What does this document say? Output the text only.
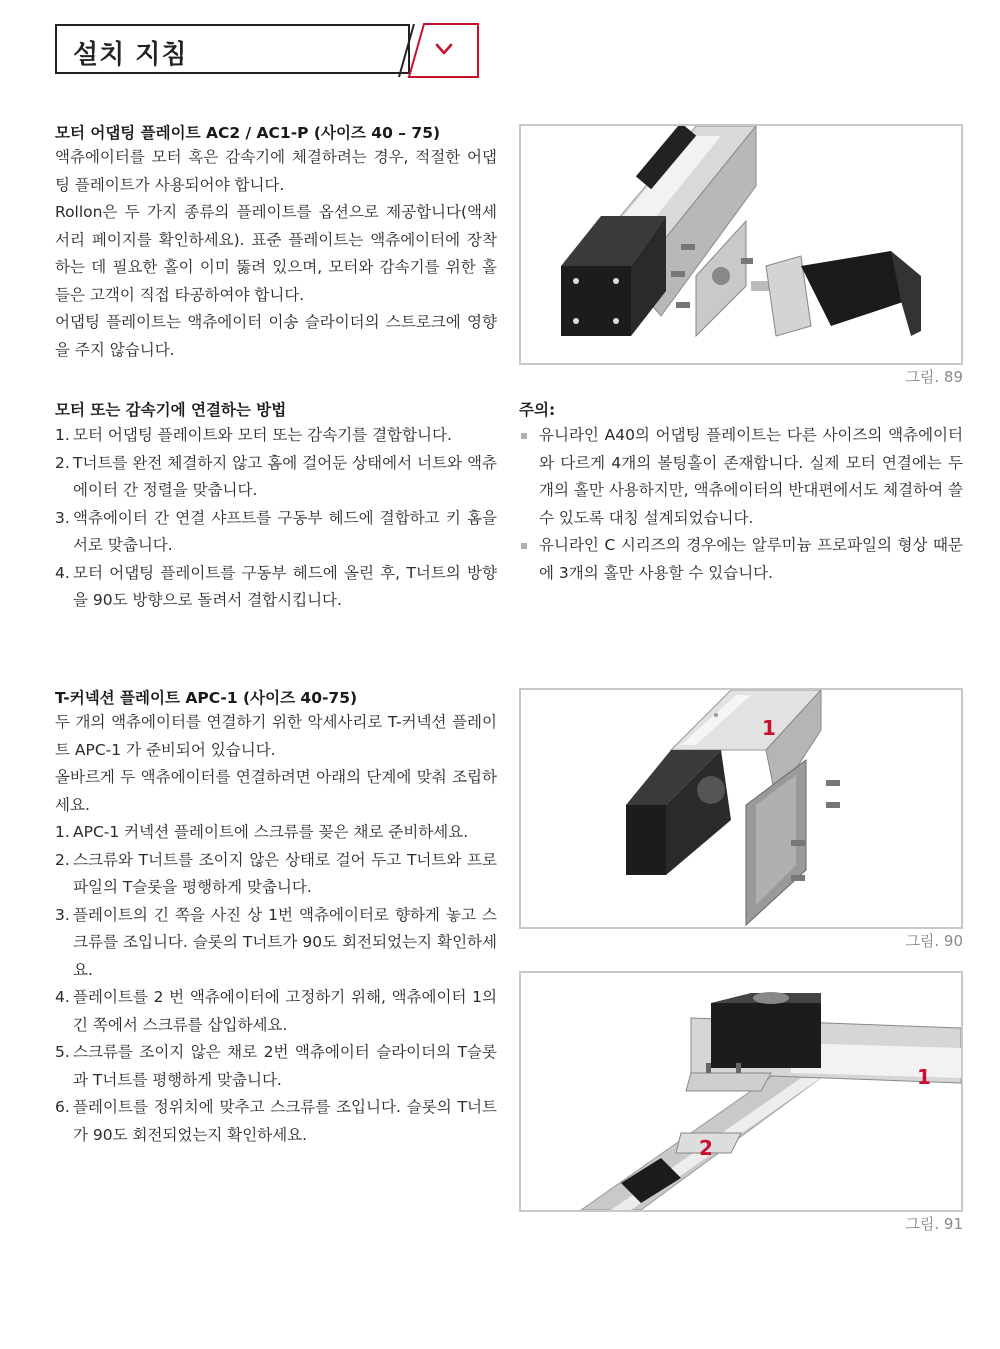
설치 지침
모터 어댑팅 플레이트 AC2 / AC1-P (사이즈 40 – 75)

액츄에이터를 모터 혹은 감속기에 체결하려는 경우, 적절한 어댑팅 플레이트가 사용되어야 합니다.

Rollon은 두 가지 종류의 플레이트를 옵션으로 제공합니다(액세서리 페이지를 확인하세요). 표준 플레이트는 액츄에이터에 장착하는 데 필요한 홀이 이미 뚫려 있으며, 모터와 감속기를 위한 홀들은 고객이 직접 타공하여야 합니다.

어댑팅 플레이트는 액츄에이터 이송 슬라이더의 스트로크에 영향을 주지 않습니다.

그림. 89
모터 또는 감속기에 연결하는 방법
1. 모터 어댑팅 플레이트와 모터 또는 감속기를 결합합니다.
2. T너트를 완전 체결하지 않고 홈에 걸어둔 상태에서 너트와 액츄에이터 간 정렬을 맞춥니다.
3. 액츄에이터 간 연결 샤프트를 구동부 헤드에 결합하고 키 홈을 서로 맞춥니다.
4. 모터 어댑팅 플레이트를 구동부 헤드에 올린 후, T너트의 방향을 90도 방향으로 돌려서 결합시킵니다.
주의:
유니라인 A40의 어댑팅 플레이트는 다른 사이즈의 액츄에이터와 다르게 4개의 볼팅홀이 존재합니다. 실제 모터 연결에는 두 개의 홀만 사용하지만, 액츄에이터의 반대편에서도 체결하여 쓸 수 있도록 대칭 설계되었습니다.
유니라인 C 시리즈의 경우에는 알루미늄 프로파일의 형상 때문에 3개의 홀만 사용할 수 있습니다.
T-커넥션 플레이트 APC-1 (사이즈 40-75)

두 개의 액츄에이터를 연결하기 위한 악세사리로 T-커넥션 플레이트 APC-1 가 준비되어 있습니다.

올바르게 두 액츄에이터를 연결하려면 아래의 단계에 맞춰 조립하세요.

1. APC-1 커넥션 플레이트에 스크류를 꽂은 채로 준비하세요.
2. 스크류와 T너트를 조이지 않은 상태로 걸어 두고 T너트와 프로파일의 T슬롯을 평행하게 맞춥니다.
3. 플레이트의 긴 쪽을 사진 상 1번 액츄에이터로 향하게 놓고 스크류를 조입니다. 슬롯의 T너트가 90도 회전되었는지 확인하세요.
4. 플레이트를 2 번 액츄에이터에 고정하기 위해, 액츄에이터 1의 긴 쪽에서 스크류를 삽입하세요.
5. 스크류를 조이지 않은 채로 2번 액츄에이터 슬라이더의 T슬롯과 T너트를 평행하게 맞춥니다.
6. 플레이트를 정위치에 맞추고 스크류를 조입니다. 슬롯의 T너트가 90도 회전되었는지 확인하세요.
1
그림. 90
1
2
그림. 91
